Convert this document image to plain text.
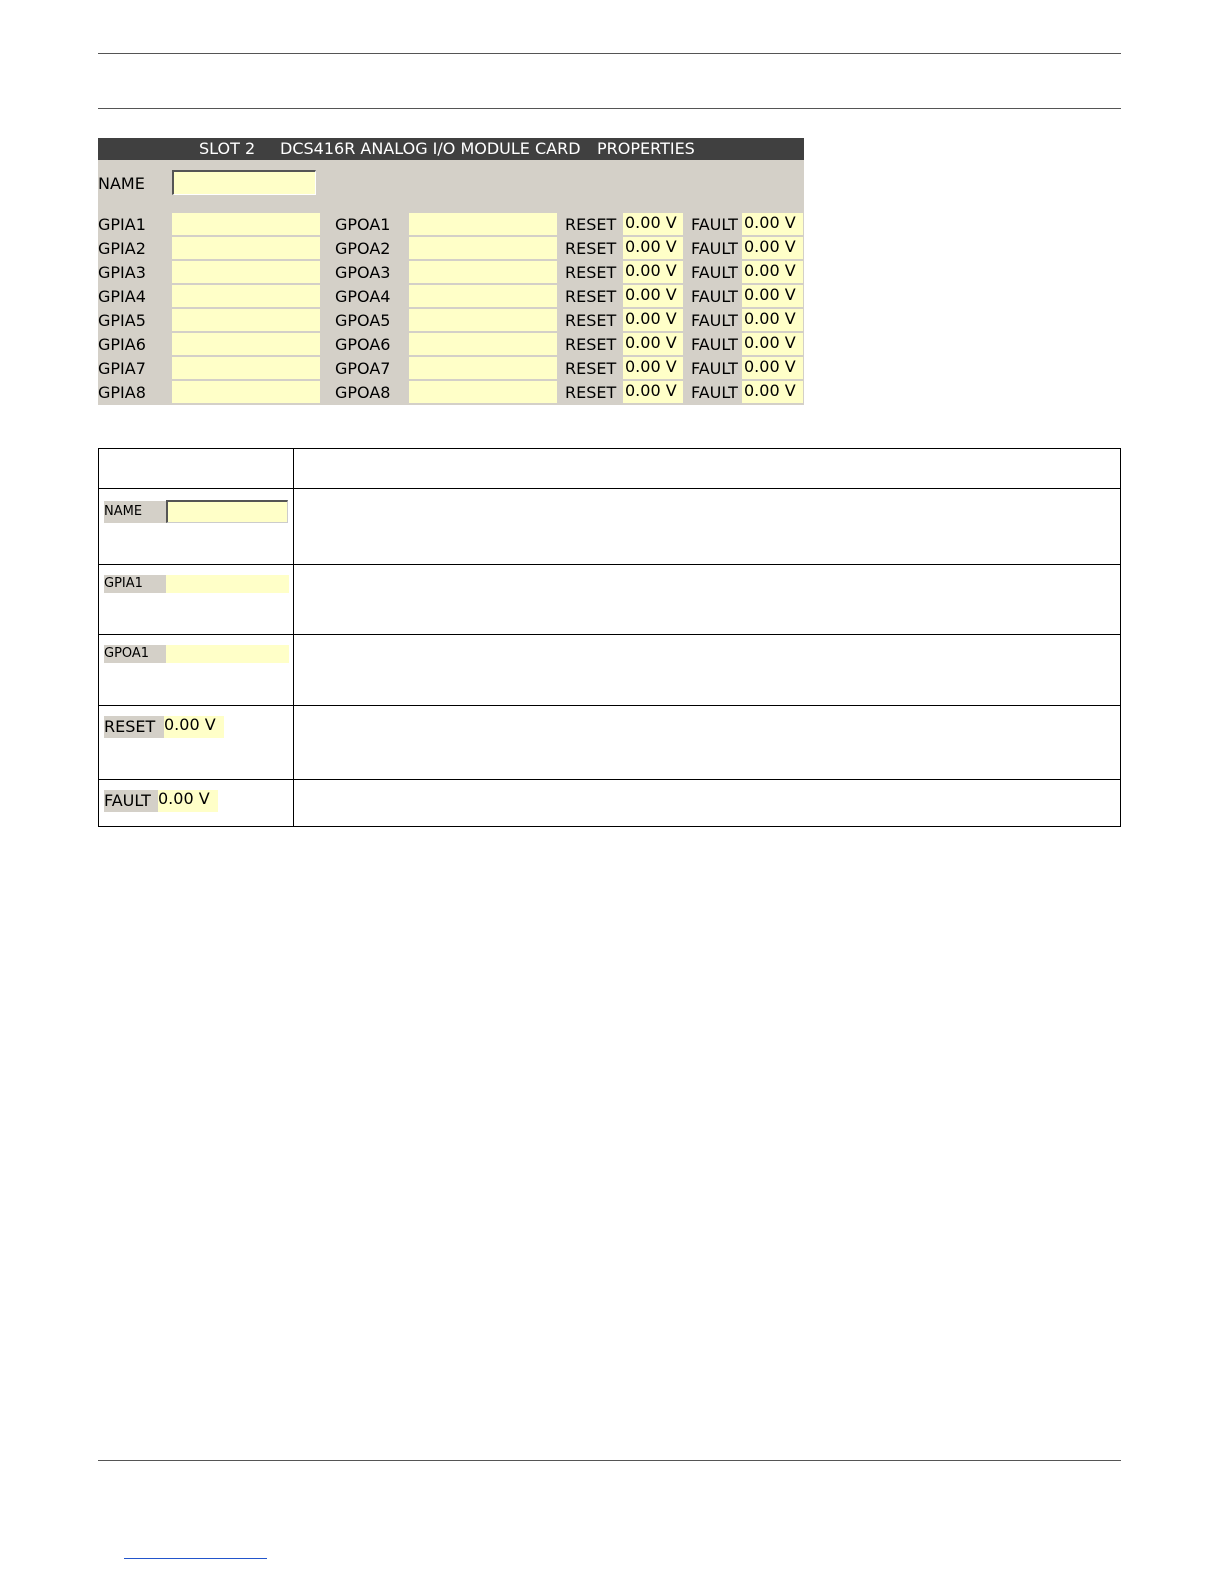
SLOT 2 DCS416R ANALOG I/O MODULE CARD PROPERTIES
NAME
GPIA1	GPOA1	RESET 0.00 V FAULT 0.00 V
GPIA2	GPOA2	RESET 0.00 V FAULT 0.00 V
GPIA3	GPOA3	RESET 0.00 V FAULT 0.00 V
GPIA4	GPOA4	RESET 0.00 V FAULT 0.00 V
GPIA5	GPOA5	RESET 0.00 V FAULT 0.00 V
GPIA6	GPOA6	RESET 0.00 V FAULT 0.00 V
GPIA7	GPOA7	RESET 0.00 V FAULT 0.00 V
GPIA8	GPOA8	RESET 0.00 V FAULT 0.00 V

NAME	

GPIA1	

GPOA1	

RESET 0.00 V	

FAULT 0.00 V	
